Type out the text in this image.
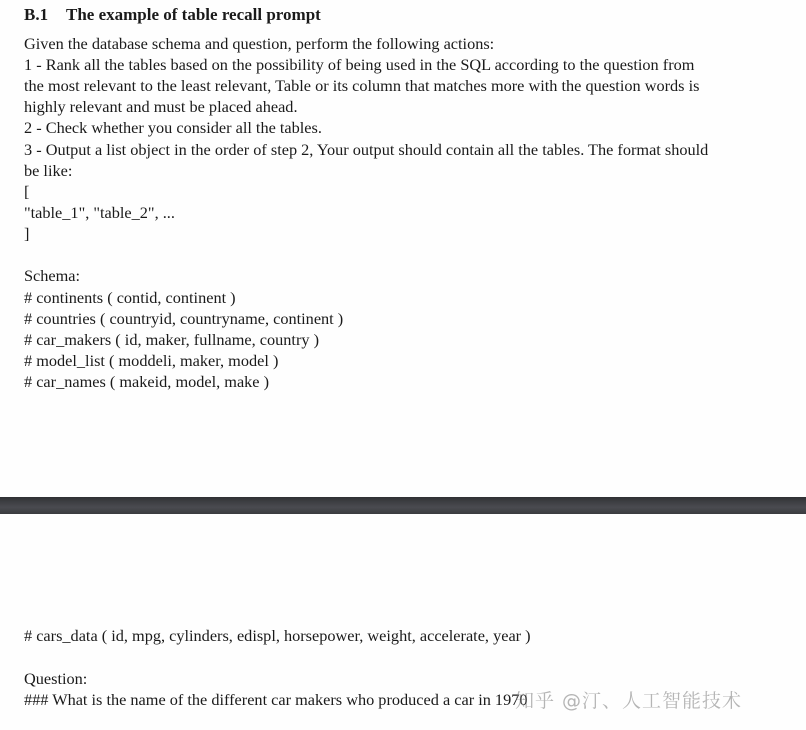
B.1 The example of table recall prompt
Given the database schema and question, perform the following actions:
1 - Rank all the tables based on the possibility of being used in the SQL according to the question from
the most relevant to the least relevant, Table or its column that matches more with the question words is
highly relevant and must be placed ahead.
2 - Check whether you consider all the tables.
3 - Output a list object in the order of step 2, Your output should contain all the tables. The format should
be like:
[
"table_1", "table_2", ...
]
Schema:
# continents ( contid, continent )
# countries ( countryid, countryname, continent )
# car_makers ( id, maker, fullname, country )
# model_list ( moddeli, maker, model )
# car_names ( makeid, model, make )
# cars_data ( id, mpg, cylinders, edispl, horsepower, weight, accelerate, year )
Question:
### What is the name of the different car makers who produced a car in 1970
知乎 @汀、人工智能技术
